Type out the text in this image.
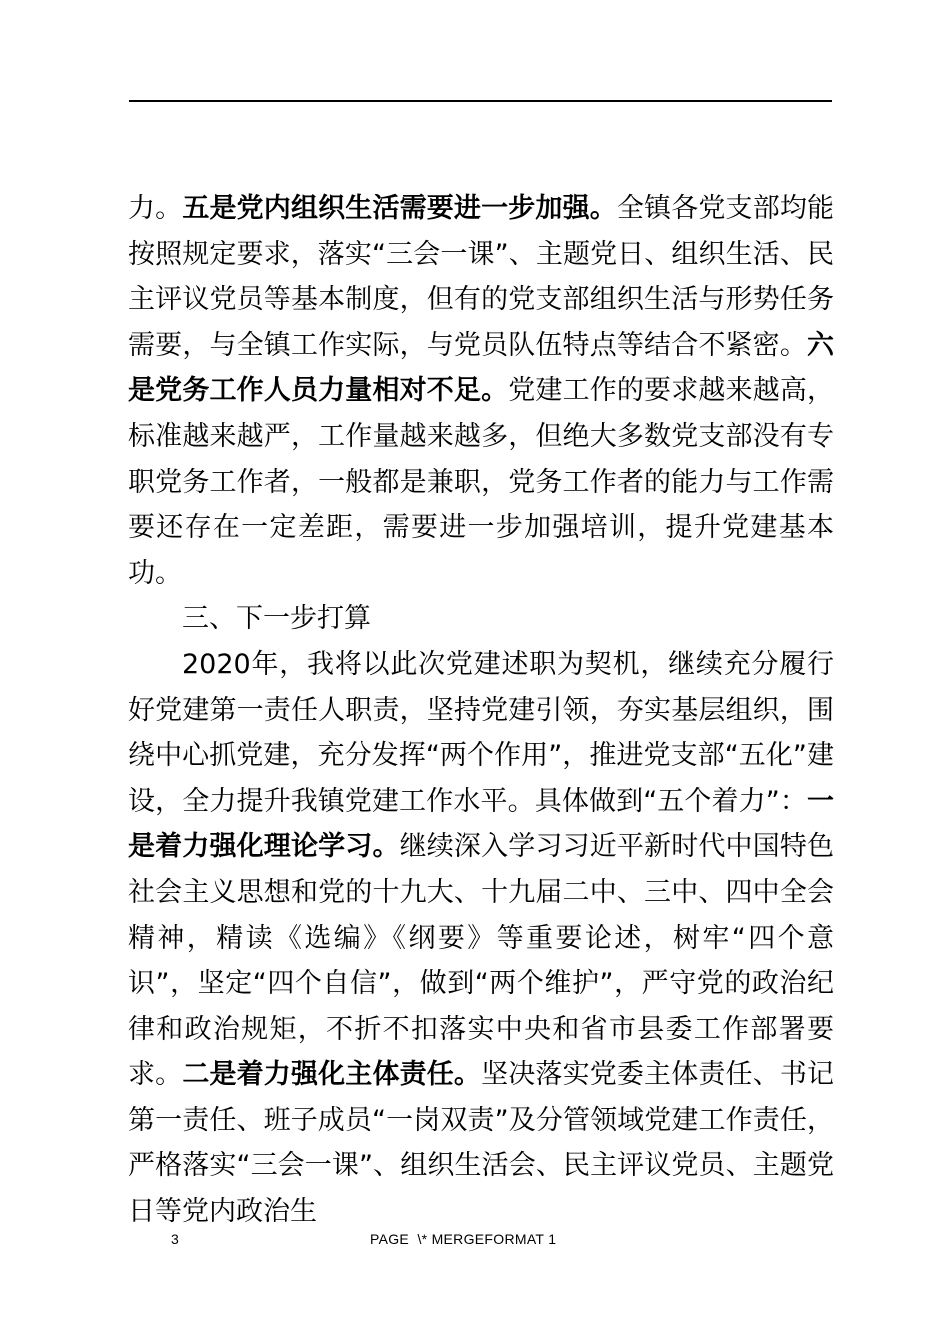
力。五是党内组织生活需要进一步加强。全镇各党支部均能按照规定要求，落实“三会一课”、主题党日、组织生活、民主评议党员等基本制度，但有的党支部组织生活与形势任务需要，与全镇工作实际，与党员队伍特点等结合不紧密。六是党务工作人员力量相对不足。党建工作的要求越来越高，标准越来越严，工作量越来越多，但绝大多数党支部没有专职党务工作者，一般都是兼职，党务工作者的能力与工作需要还存在一定差距，需要进一步加强培训，提升党建基本功。

三、下一步打算

2020年，我将以此次党建述职为契机，继续充分履行好党建第一责任人职责，坚持党建引领，夯实基层组织，围绕中心抓党建，充分发挥“两个作用”，推进党支部“五化”建设，全力提升我镇党建工作水平。具体做到“五个着力”：一是着力强化理论学习。继续深入学习习近平新时代中国特色社会主义思想和党的十九大、十九届二中、三中、四中全会精神，精读《选编》《纲要》等重要论述，树牢“四个意识”，坚定“四个自信”，做到“两个维护”，严守党的政治纪律和政治规矩，不折不扣落实中央和省市县委工作部署要求。二是着力强化主体责任。坚决落实党委主体责任、书记第一责任、班子成员“一岗双责”及分管领域党建工作责任，严格落实“三会一课”、组织生活会、民主评议党员、主题党日等党内政治生

3	PAGE  \* MERGEFORMAT 1
